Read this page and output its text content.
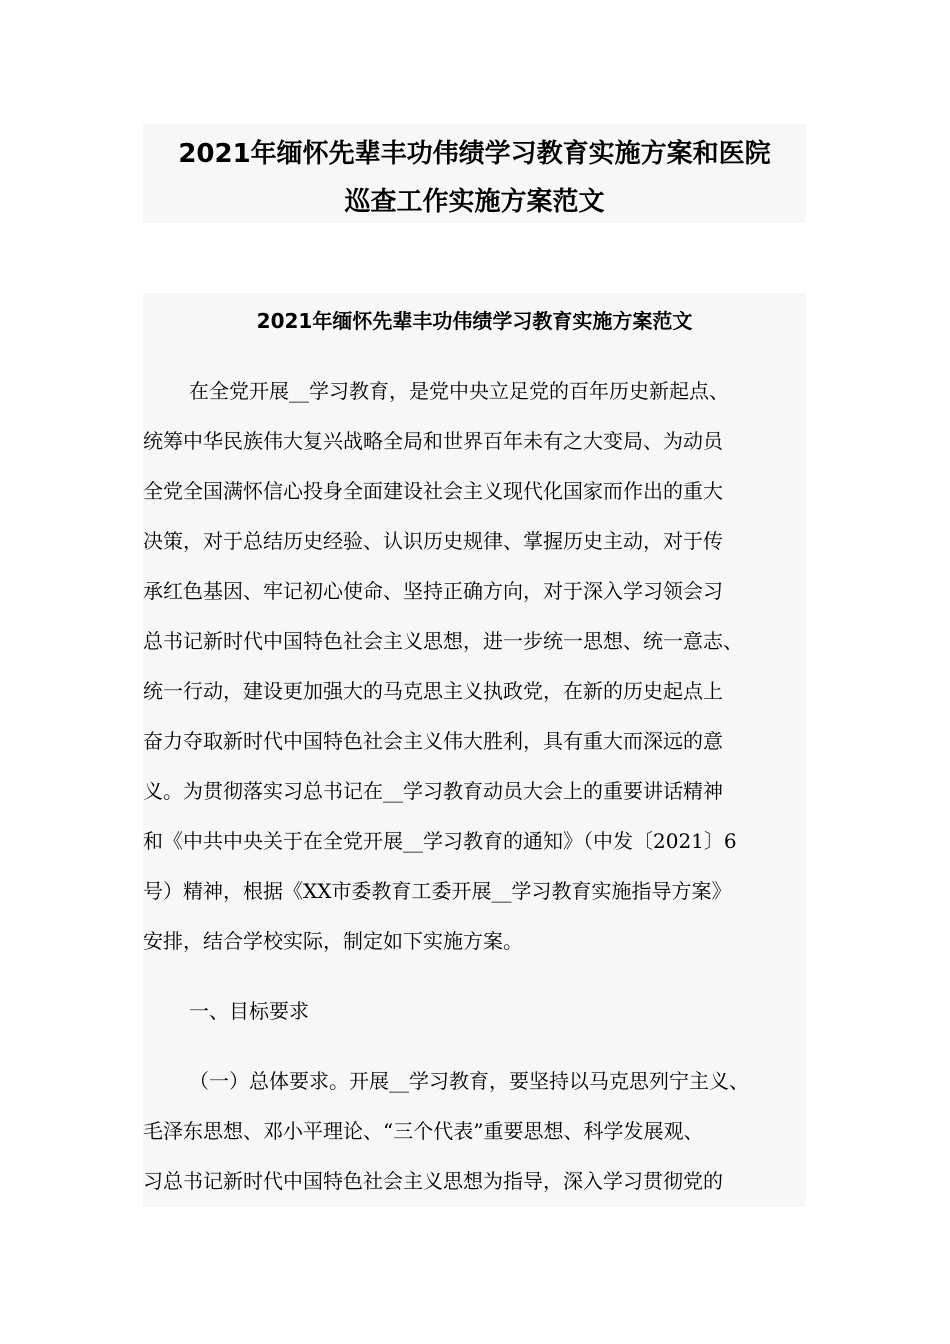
2021年缅怀先辈丰功伟绩学习教育实施方案和医院
巡查工作实施方案范文
2021年缅怀先辈丰功伟绩学习教育实施方案范文
在全党开展__学习教育，是党中央立足党的百年历史新起点、
统筹中华民族伟大复兴战略全局和世界百年未有之大变局、为动员
全党全国满怀信心投身全面建设社会主义现代化国家而作出的重大
决策，对于总结历史经验、认识历史规律、掌握历史主动，对于传
承红色基因、牢记初心使命、坚持正确方向，对于深入学习领会习
总书记新时代中国特色社会主义思想，进一步统一思想、统一意志、
统一行动，建设更加强大的马克思主义执政党，在新的历史起点上
奋力夺取新时代中国特色社会主义伟大胜利，具有重大而深远的意
义。为贯彻落实习总书记在__学习教育动员大会上的重要讲话精神
和《中共中央关于在全党开展__学习教育的通知》（中发〔2021〕6
号）精神，根据《XX市委教育工委开展__学习教育实施指导方案》
安排，结合学校实际，制定如下实施方案。
一、目标要求
（一）总体要求。开展__学习教育，要坚持以马克思列宁主义、
毛泽东思想、邓小平理论、“三个代表”重要思想、科学发展观、
习总书记新时代中国特色社会主义思想为指导，深入学习贯彻党的
